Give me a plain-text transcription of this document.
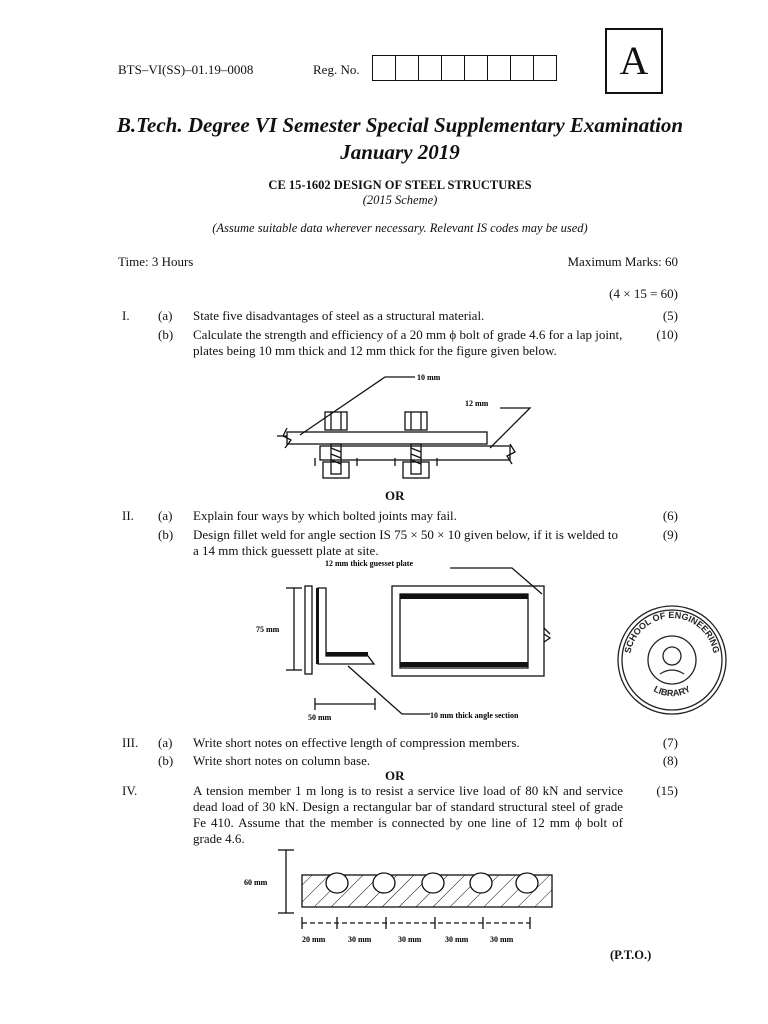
BTS–VI(SS)–01.19–0008	Reg. No.	A
B.Tech. Degree VI Semester Special Supplementary Examination
January 2019
CE 15-1602 DESIGN OF STEEL STRUCTURES
(2015 Scheme)
(Assume suitable data wherever necessary. Relevant IS codes may be used)
Time: 3 Hours	Maximum Marks: 60
(4 × 15 = 60)
I. (a) State five disadvantages of steel as a structural material.	(5)
(b) Calculate the strength and efficiency of a 20 mm ϕ bolt of grade 4.6 for a lap joint, plates being 10 mm thick and 12 mm thick for the figure given below.
(10)
10 mm
12 mm
OR
II. (a) Explain four ways by which bolted joints may fail.	(6)
(b) Design fillet weld for angle section IS 75 × 50 × 10 given below, if it is welded to a 14 mm thick guessett plate at site.
(9)
12 mm thick guesset plate
75 mm
50 mm	10 mm thick angle section
SCHOOL OF ENGINEERING
LIBRARY
III. (a) Write short notes on effective length of compression members.	(7)
(b) Write short notes on column base.	(8)
OR
IV.	A tension member 1 m long is to resist a service live load of 80 kN and service dead load of 30 kN. Design a rectangular bar of standard structural steel of grade Fe 410. Assume that the member is connected by one line of 12 mm ϕ bolt of grade 4.6.
(15)
60 mm
20 mm	30 mm	30 mm	30 mm	30 mm
(P.T.O.)
